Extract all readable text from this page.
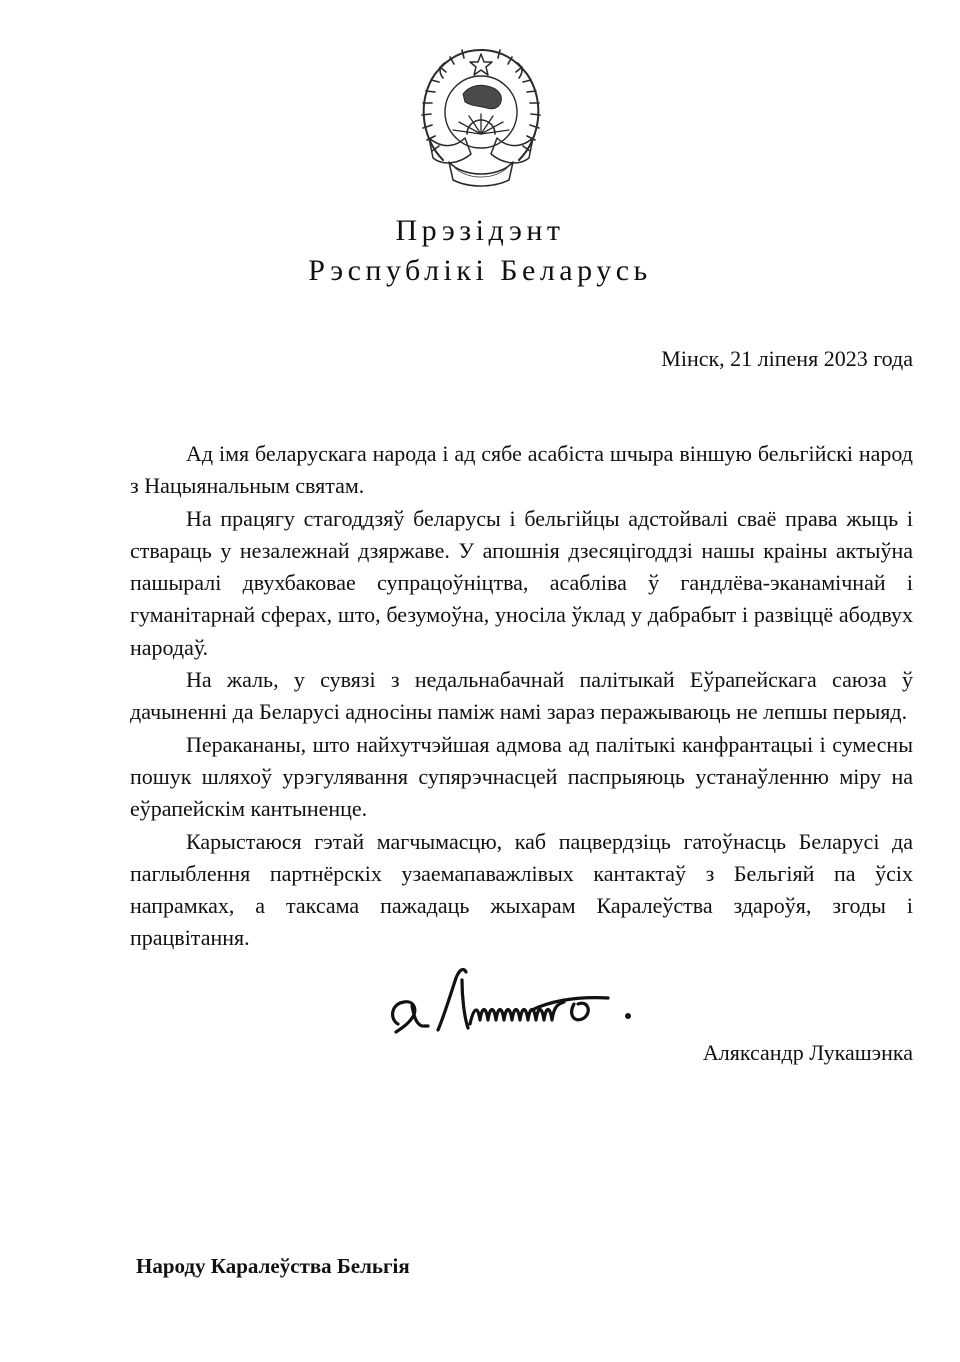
Прэзідэнт
Рэспублікі Беларусь
Мінск, 21 ліпеня 2023 года

Ад імя беларускага народа і ад сябе асабіста шчыра віншую бельгійскі народ з Нацыянальным святам.

На працягу стагоддзяў беларусы і бельгійцы адстойвалі сваё права жыць і ствараць у незалежнай дзяржаве. У апошнія дзесяцігоддзі нашы краіны актыўна пашыралі двухбаковае супрацоўніцтва, асабліва ў гандлёва-эканамічнай і гуманітарнай сферах, што, безумоўна, уносіла ўклад у дабрабыт і развіццё абодвух народаў.

На жаль, у сувязі з недальнабачнай палітыкай Еўрапейскага саюза ў дачыненні да Беларусі адносіны паміж намі зараз перажываюць не лепшы перыяд.

Перакананы, што найхутчэйшая адмова ад палітыкі канфрантацыі і сумесны пошук шляхоў урэгулявання супярэчнасцей паспрыяюць устанаўленню міру на еўрапейскім кантыненце.

Карыстаюся гэтай магчымасцю, каб пацвердзіць гатоўнасць Беларусі да паглыблення партнёрскіх узаемапаважлівых кантактаў з Бельгіяй па ўсіх напрамках, а таксама пажадаць жыхарам Каралеўства здароўя, згоды і працвітання.

Аляксандр Лукашэнка
Народу Каралеўства Бельгія
